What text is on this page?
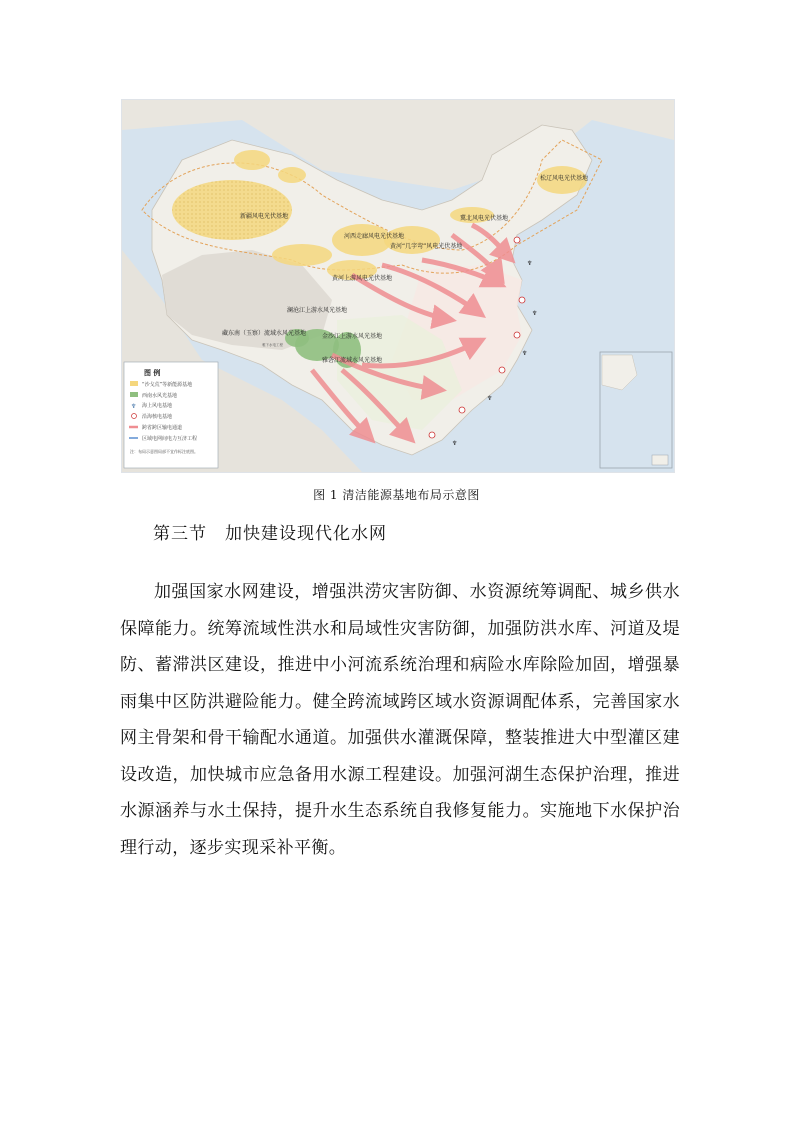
♆
♆
♆
♆
♆
新疆风电光伏基地
河西走廊风电光伏基地
黄河“几字弯”风电光伏基地
黄河上游风电光伏基地
澜沧江上游水风光基地
藏东南（玉察）流域水风光基地	金沙江上游水风光基地
雅砻江流域水风光基地
雅下水电工程
松辽风电光伏基地
冀北风电光伏基地
图 例
“沙戈荒”等新能源基地
西南水风光基地
♆ 海上风电基地
沿海核电基地
跨省跨区输电通道
区域电网间电力互济工程
注：布局示意图局部不宜作标注底图。
图 1 清洁能源基地布局示意图
第三节 加快建设现代化水网
加强国家水网建设，增强洪涝灾害防御、水资源统筹调配、城乡供水保障能力。统筹流域性洪水和局域性灾害防御，加强防洪水库、河道及堤防、蓄滞洪区建设，推进中小河流系统治理和病险水库除险加固，增强暴雨集中区防洪避险能力。健全跨流域跨区域水资源调配体系，完善国家水网主骨架和骨干输配水通道。加强供水灌溉保障，整装推进大中型灌区建设改造，加快城市应急备用水源工程建设。加强河湖生态保护治理，推进水源涵养与水土保持，提升水生态系统自我修复能力。实施地下水保护治理行动，逐步实现采补平衡。
